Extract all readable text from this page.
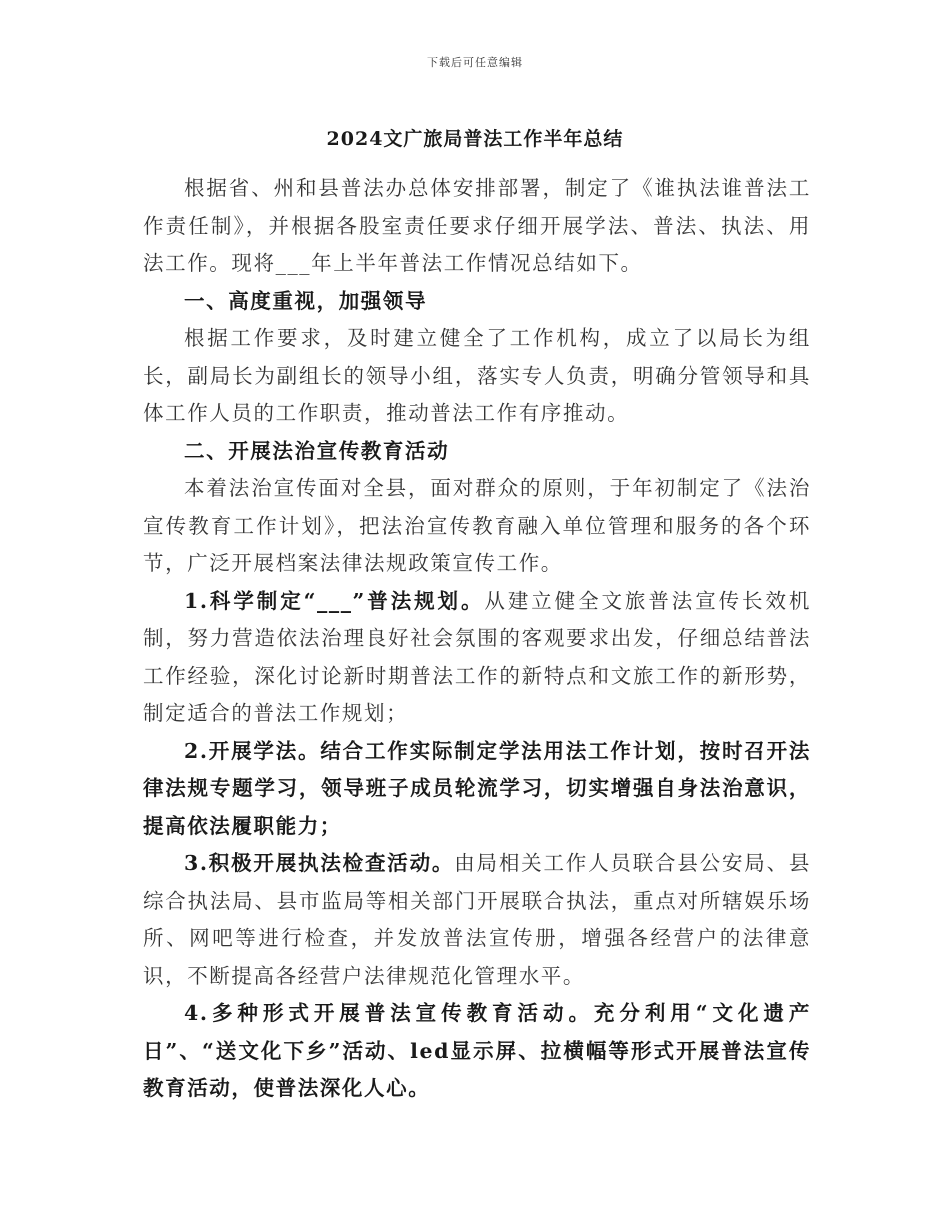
下载后可任意编辑
2024文广旅局普法工作半年总结

根据省、州和县普法办总体安排部署，制定了《谁执法谁普法工作责任制》，并根据各股室责任要求仔细开展学法、普法、执法、用法工作。现将___年上半年普法工作情况总结如下。

一、高度重视，加强领导

根据工作要求，及时建立健全了工作机构，成立了以局长为组长，副局长为副组长的领导小组，落实专人负责，明确分管领导和具体工作人员的工作职责，推动普法工作有序推动。

二、开展法治宣传教育活动

本着法治宣传面对全县，面对群众的原则，于年初制定了《法治宣传教育工作计划》，把法治宣传教育融入单位管理和服务的各个环节，广泛开展档案法律法规政策宣传工作。

1.科学制定“___”普法规划。从建立健全文旅普法宣传长效机制，努力营造依法治理良好社会氛围的客观要求出发，仔细总结普法工作经验，深化讨论新时期普法工作的新特点和文旅工作的新形势，制定适合的普法工作规划；

2.开展学法。结合工作实际制定学法用法工作计划，按时召开法律法规专题学习，领导班子成员轮流学习，切实增强自身法治意识，提高依法履职能力；

3.积极开展执法检查活动。由局相关工作人员联合县公安局、县综合执法局、县市监局等相关部门开展联合执法，重点对所辖娱乐场所、网吧等进行检查，并发放普法宣传册，增强各经营户的法律意识，不断提高各经营户法律规范化管理水平。

4.多种形式开展普法宣传教育活动。充分利用“文化遗产日”、“送文化下乡”活动、led显示屏、拉横幅等形式开展普法宣传教育活动，使普法深化人心。
